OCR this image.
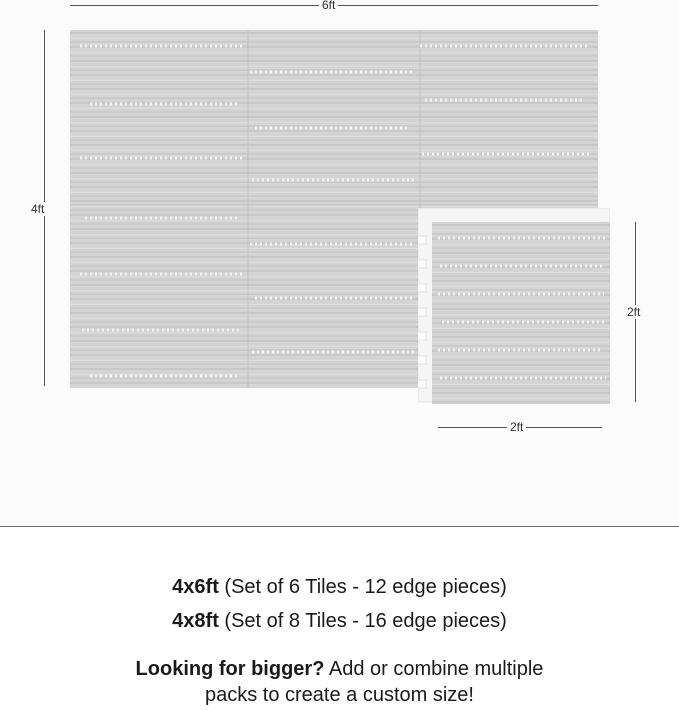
6ft
4ft
2ft
2ft
4x6ft (Set of 6 Tiles - 12 edge pieces)
4x8ft (Set of 8 Tiles - 16 edge pieces)
Looking for bigger? Add or combine multiple
packs to create a custom size!
